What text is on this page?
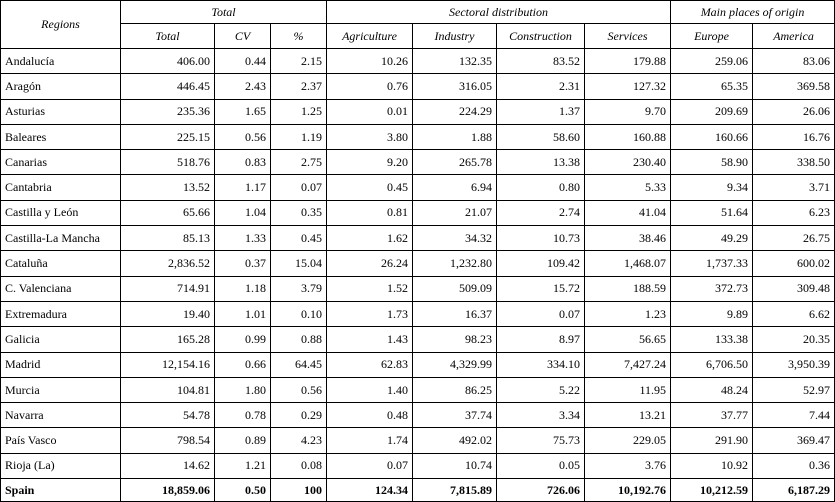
Regions	Total			Sectoral distribution				Main places of origin	
	Total	CV	%	Agriculture	Industry	Construction	Services	Europe	America
Andalucía	406.00	0.44	2.15	10.26	132.35	83.52	179.88	259.06	83.06
Aragón	446.45	2.43	2.37	0.76	316.05	2.31	127.32	65.35	369.58
Asturias	235.36	1.65	1.25	0.01	224.29	1.37	9.70	209.69	26.06
Baleares	225.15	0.56	1.19	3.80	1.88	58.60	160.88	160.66	16.76
Canarias	518.76	0.83	2.75	9.20	265.78	13.38	230.40	58.90	338.50
Cantabria	13.52	1.17	0.07	0.45	6.94	0.80	5.33	9.34	3.71
Castilla y León	65.66	1.04	0.35	0.81	21.07	2.74	41.04	51.64	6.23
Castilla-La Mancha	85.13	1.33	0.45	1.62	34.32	10.73	38.46	49.29	26.75
Cataluña	2,836.52	0.37	15.04	26.24	1,232.80	109.42	1,468.07	1,737.33	600.02
C. Valenciana	714.91	1.18	3.79	1.52	509.09	15.72	188.59	372.73	309.48
Extremadura	19.40	1.01	0.10	1.73	16.37	0.07	1.23	9.89	6.62
Galicia	165.28	0.99	0.88	1.43	98.23	8.97	56.65	133.38	20.35
Madrid	12,154.16	0.66	64.45	62.83	4,329.99	334.10	7,427.24	6,706.50	3,950.39
Murcia	104.81	1.80	0.56	1.40	86.25	5.22	11.95	48.24	52.97
Navarra	54.78	0.78	0.29	0.48	37.74	3.34	13.21	37.77	7.44
País Vasco	798.54	0.89	4.23	1.74	492.02	75.73	229.05	291.90	369.47
Rioja (La)	14.62	1.21	0.08	0.07	10.74	0.05	3.76	10.92	0.36
Spain	18,859.06	0.50	100	124.34	7,815.89	726.06	10,192.76	10,212.59	6,187.29
